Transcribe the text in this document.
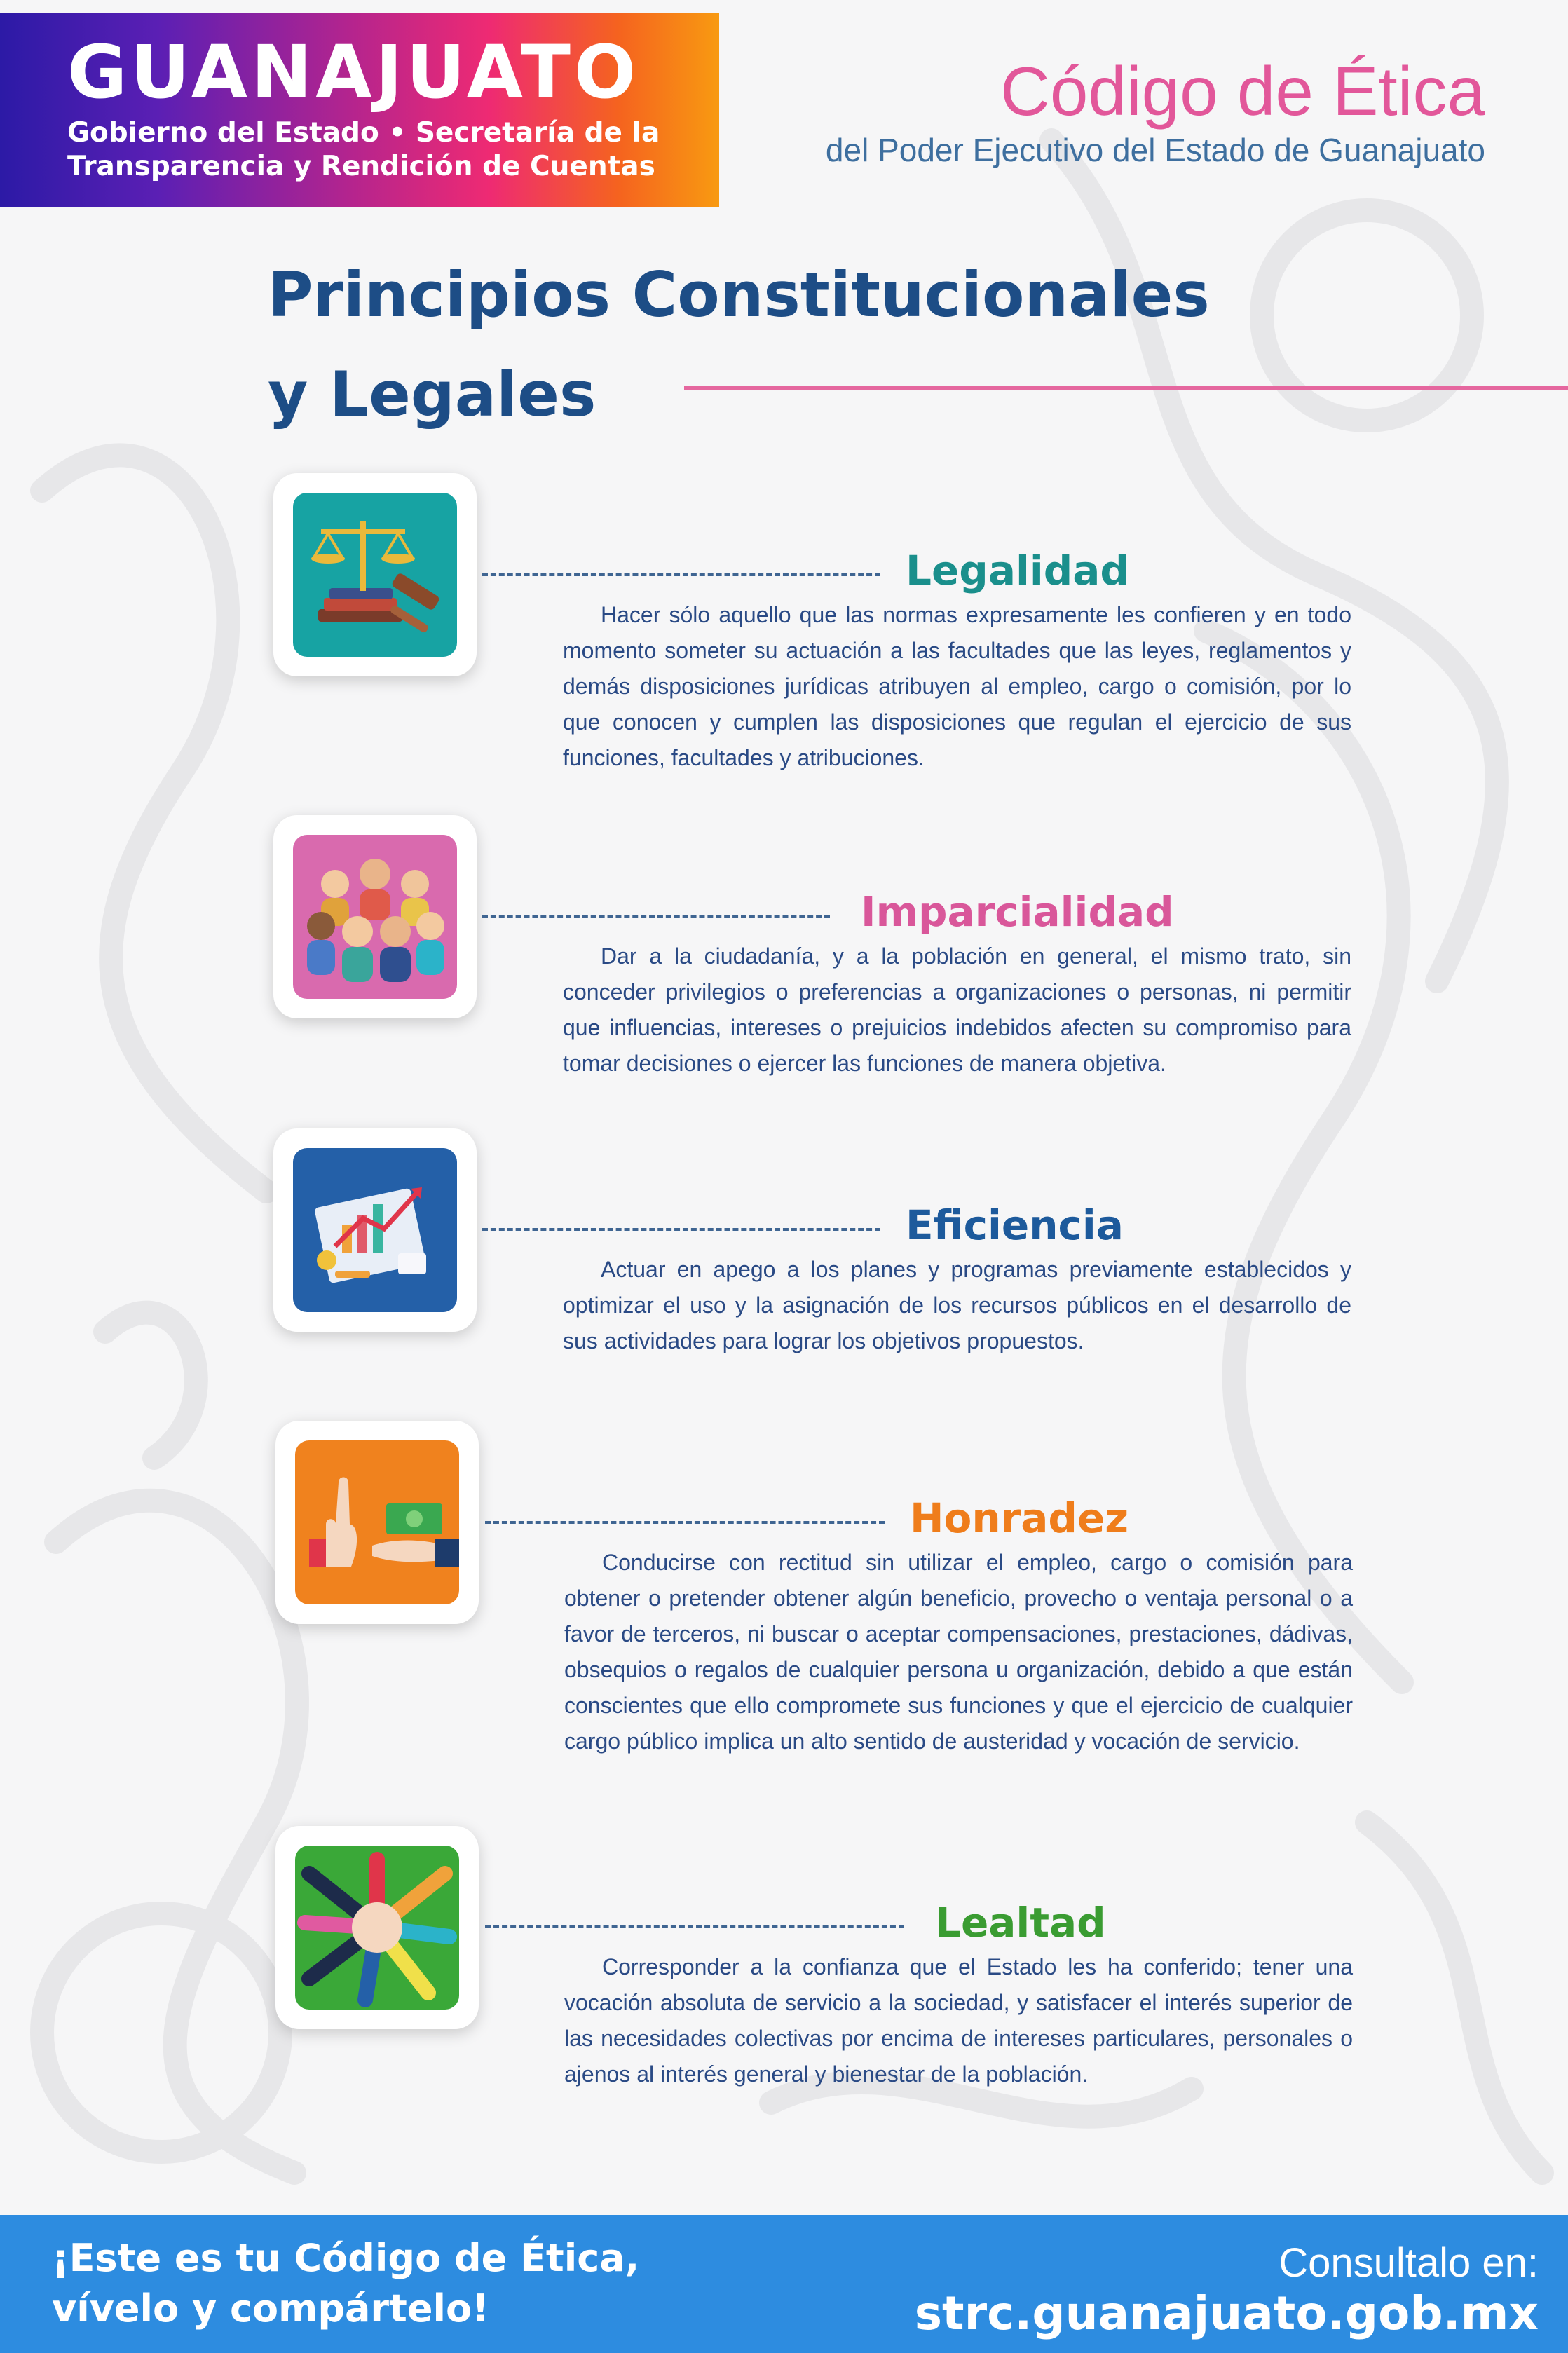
GUANAJUATO
Gobierno del Estado • Secretaría de la
Transparencia y Rendición de Cuentas
Código de Ética
del Poder Ejecutivo del Estado de Guanajuato
Principios Constitucionales
y Legales
Legalidad
Hacer sólo aquello que las normas expresamente les confieren y en todo momento someter su actuación a las facultades que las leyes, reglamentos y demás disposiciones jurídicas atribuyen al empleo, cargo o comisión, por lo que conocen y cumplen las disposiciones que regulan el ejercicio de sus funciones, facultades y atribuciones.
Imparcialidad
Dar a la ciudadanía, y a la población en general, el mismo trato, sin conceder privilegios o preferencias a organizaciones o personas, ni permitir que influencias, intereses o prejuicios indebidos afecten su compromiso para tomar decisiones o ejercer las funciones de manera objetiva.
Eficiencia
Actuar en apego a los planes y programas previamente establecidos y optimizar el uso y la asignación de los recursos públicos en el desarrollo de sus actividades para lograr los objetivos propuestos.
Honradez
Conducirse con rectitud sin utilizar el empleo, cargo o comisión para obtener o pretender obtener algún beneficio, provecho o ventaja personal o a favor de terceros, ni buscar o aceptar compensaciones, prestaciones, dádivas, obsequios o regalos de cualquier persona u organización, debido a que están conscientes que ello compromete sus funciones y que el ejercicio de cualquier cargo público implica un alto sentido de austeridad y vocación de servicio.
Lealtad
Corresponder a la confianza que el Estado les ha conferido; tener una vocación absoluta de servicio a la sociedad, y satisfacer el interés superior de las necesidades colectivas por encima de intereses particulares, personales o ajenos al interés general y bienestar de la población.
¡Este es tu Código de Ética,
vívelo y compártelo!
Consultalo en:
strc.guanajuato.gob.mx
